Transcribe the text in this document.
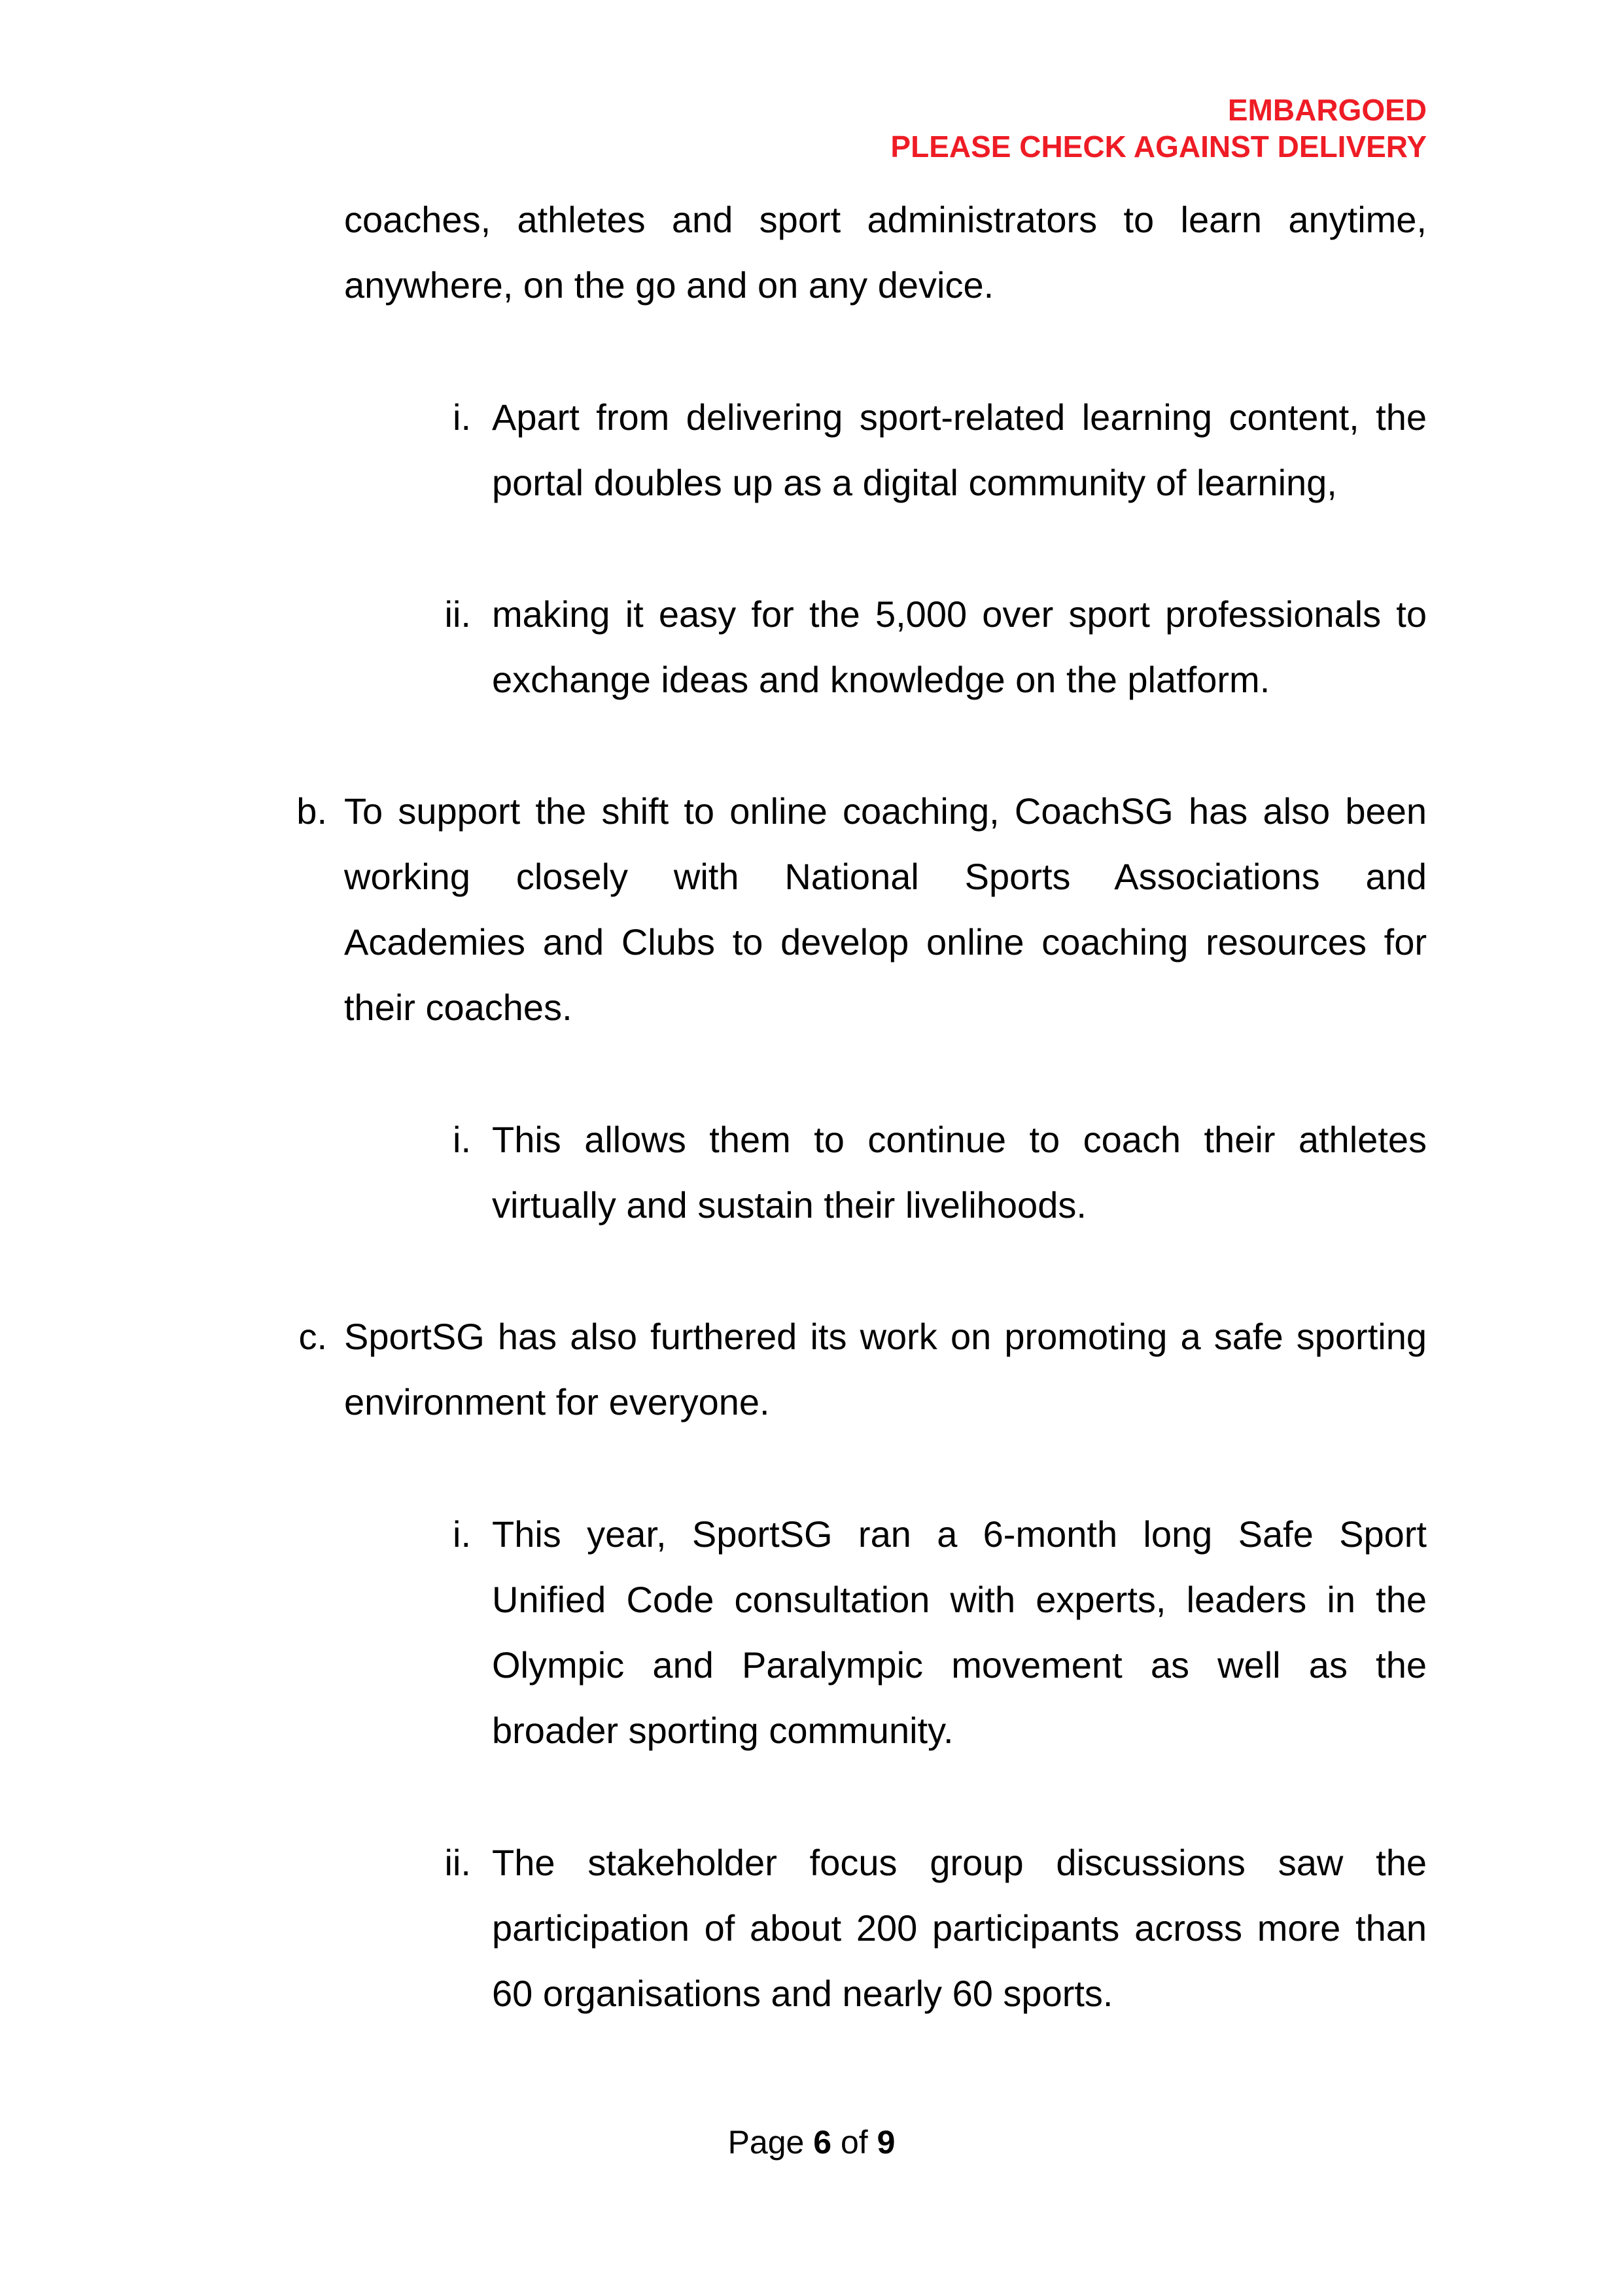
EMBARGOED
PLEASE CHECK AGAINST DELIVERY
coaches, athletes and sport administrators to learn anytime,
anywhere, on the go and on any device.
i. Apart from delivering sport-related learning content, the
portal doubles up as a digital community of learning,
ii. making it easy for the 5,000 over sport professionals to
exchange ideas and knowledge on the platform.
b. To support the shift to online coaching, CoachSG has also been
working closely with National Sports Associations and
Academies and Clubs to develop online coaching resources for
their coaches.
i. This allows them to continue to coach their athletes
virtually and sustain their livelihoods.
c. SportSG has also furthered its work on promoting a safe sporting
environment for everyone.
i. This year, SportSG ran a 6-month long Safe Sport
Unified Code consultation with experts, leaders in the
Olympic and Paralympic movement as well as the
broader sporting community.
ii. The stakeholder focus group discussions saw the
participation of about 200 participants across more than
60 organisations and nearly 60 sports.
Page 6 of 9
